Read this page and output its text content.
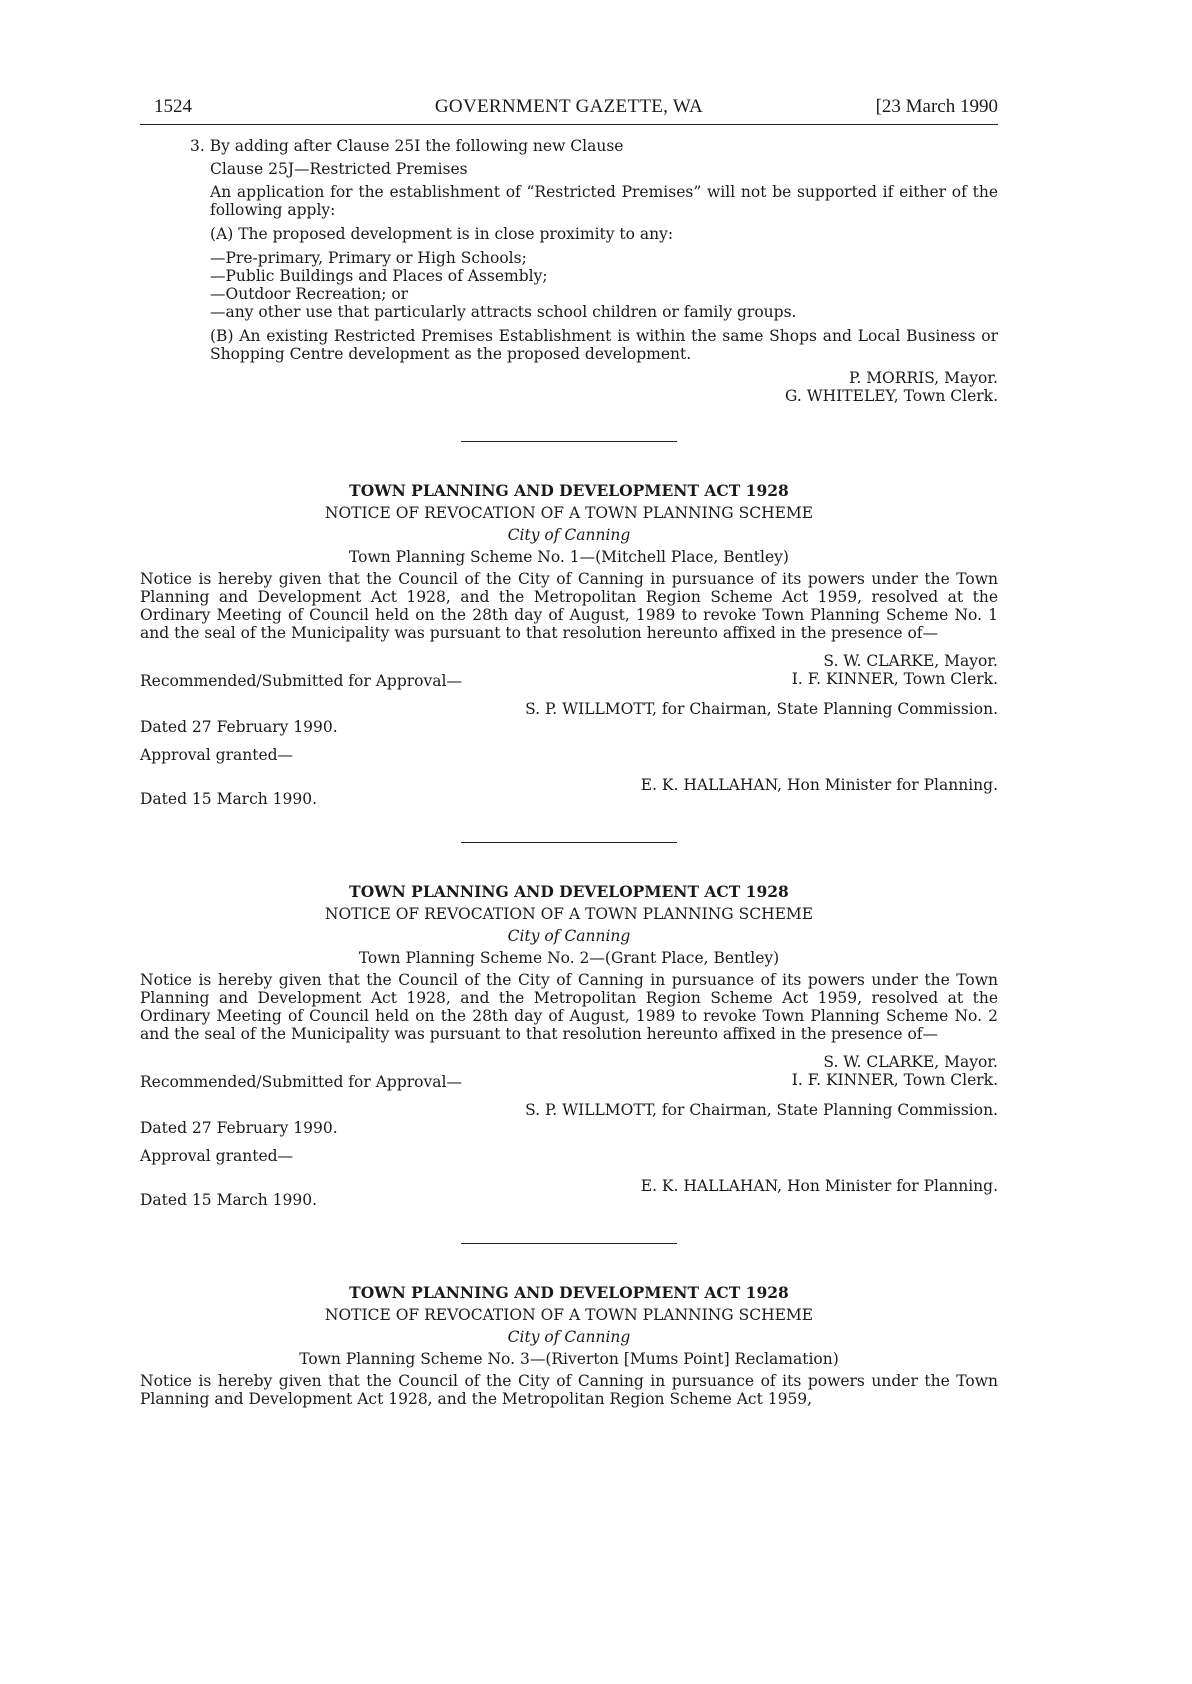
1524	GOVERNMENT GAZETTE, WA	[23 March 1990

3. By adding after Clause 25I the following new Clause

Clause 25J—Restricted Premises

An application for the establishment of “Restricted Premises” will not be supported if either of the following apply:

(A) The proposed development is in close proximity to any:

—Pre-primary, Primary or High Schools;

—Public Buildings and Places of Assembly;

—Outdoor Recreation; or

—any other use that particularly attracts school children or family groups.

(B) An existing Restricted Premises Establishment is within the same Shops and Local Business or Shopping Centre development as the proposed development.

P. MORRIS, Mayor.

G. WHITELEY, Town Clerk.

TOWN PLANNING AND DEVELOPMENT ACT 1928

NOTICE OF REVOCATION OF A TOWN PLANNING SCHEME

City of Canning

Town Planning Scheme No. 1—(Mitchell Place, Bentley)

Notice is hereby given that the Council of the City of Canning in pursuance of its powers under the Town Planning and Development Act 1928, and the Metropolitan Region Scheme Act 1959, resolved at the Ordinary Meeting of Council held on the 28th day of August, 1989 to revoke Town Planning Scheme No. 1 and the seal of the Municipality was pursuant to that resolution hereunto affixed in the presence of—

S. W. CLARKE, Mayor.

Recommended/Submitted for Approval—	I. F. KINNER, Town Clerk.
S. P. WILLMOTT, for Chairman, State Planning Commission.
Dated 27 February 1990.

Approval granted—

E. K. HALLAHAN, Hon Minister for Planning.
Dated 15 March 1990.

TOWN PLANNING AND DEVELOPMENT ACT 1928

NOTICE OF REVOCATION OF A TOWN PLANNING SCHEME

City of Canning

Town Planning Scheme No. 2—(Grant Place, Bentley)

Notice is hereby given that the Council of the City of Canning in pursuance of its powers under the Town Planning and Development Act 1928, and the Metropolitan Region Scheme Act 1959, resolved at the Ordinary Meeting of Council held on the 28th day of August, 1989 to revoke Town Planning Scheme No. 2 and the seal of the Municipality was pursuant to that resolution hereunto affixed in the presence of—

S. W. CLARKE, Mayor.

Recommended/Submitted for Approval—	I. F. KINNER, Town Clerk.
S. P. WILLMOTT, for Chairman, State Planning Commission.
Dated 27 February 1990.

Approval granted—

E. K. HALLAHAN, Hon Minister for Planning.
Dated 15 March 1990.

TOWN PLANNING AND DEVELOPMENT ACT 1928

NOTICE OF REVOCATION OF A TOWN PLANNING SCHEME

City of Canning

Town Planning Scheme No. 3—(Riverton [Mums Point] Reclamation)

Notice is hereby given that the Council of the City of Canning in pursuance of its powers under the Town Planning and Development Act 1928, and the Metropolitan Region Scheme Act 1959,
